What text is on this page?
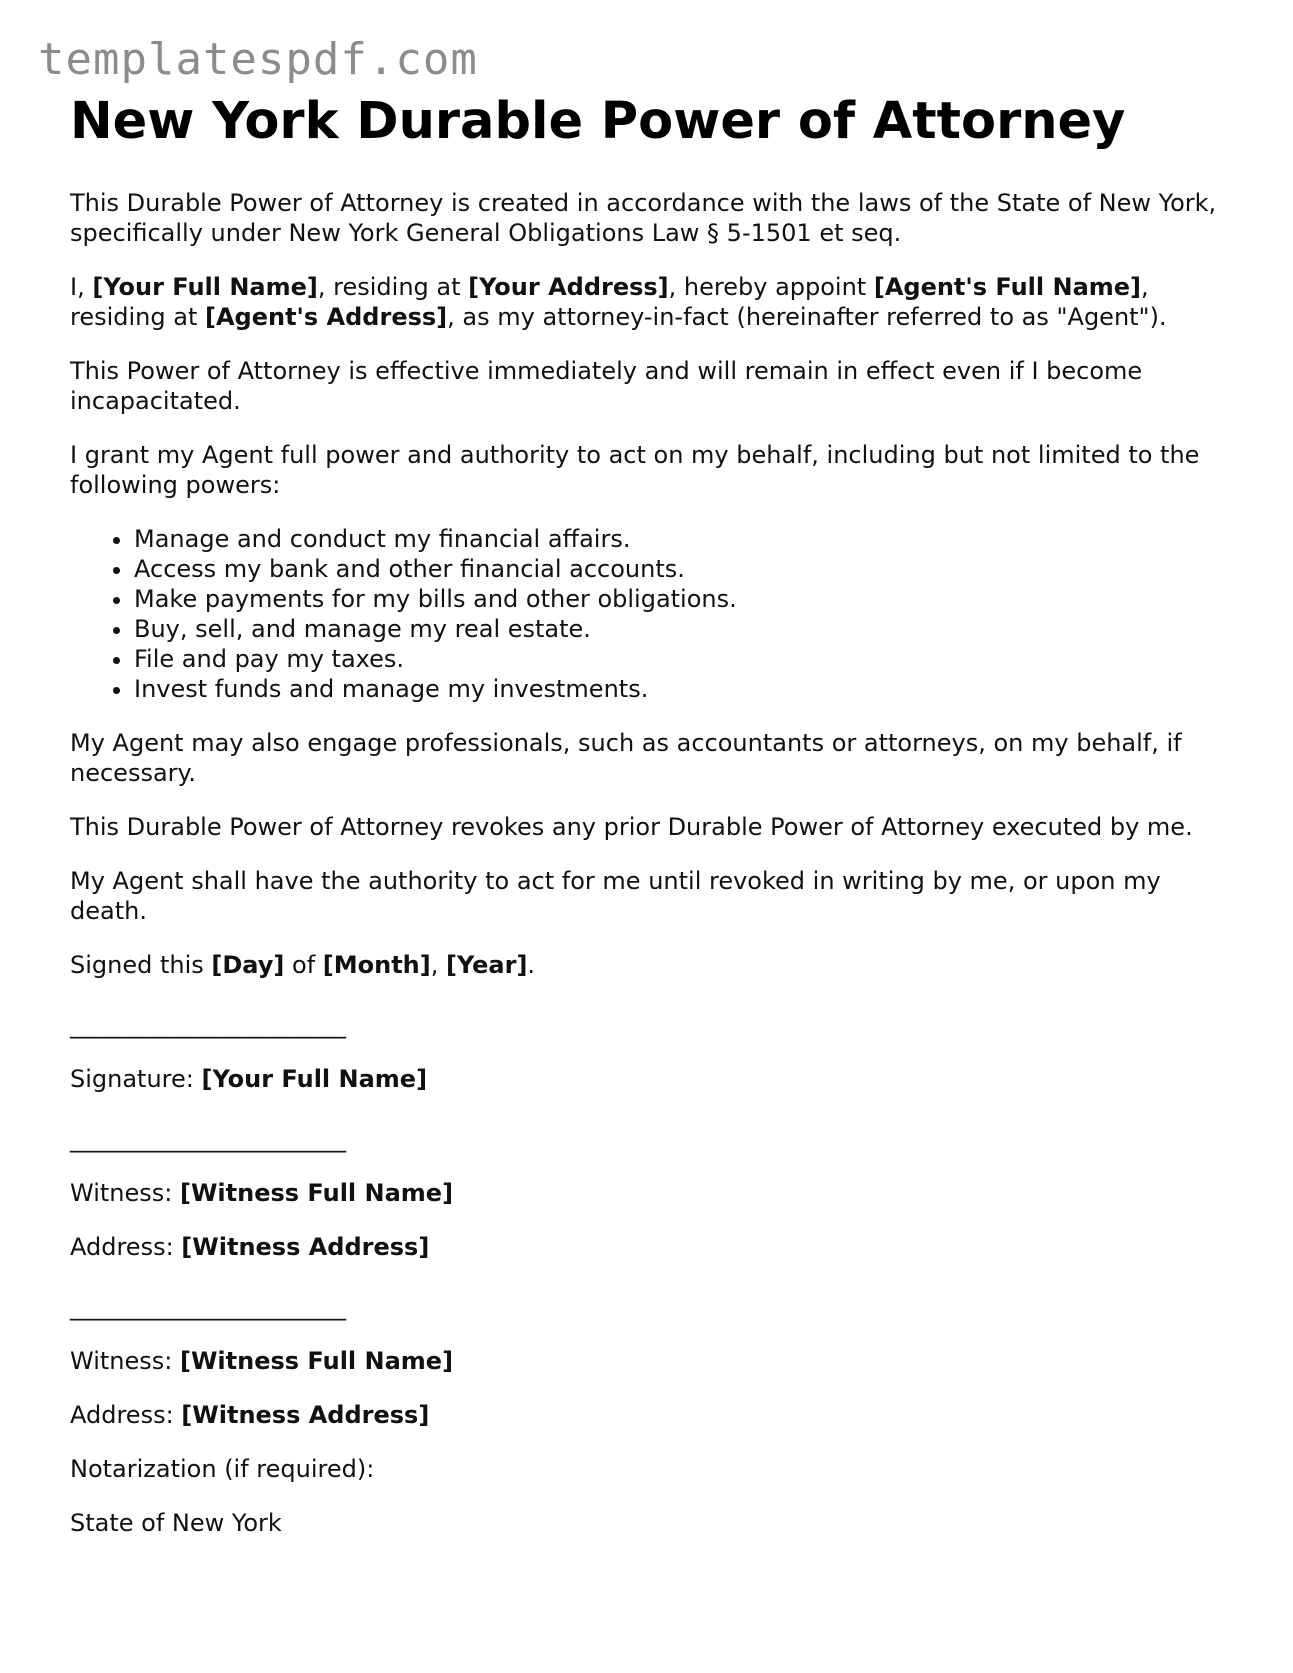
templatespdf.com
New York Durable Power of Attorney

This Durable Power of Attorney is created in accordance with the laws of the State of New York, specifically under New York General Obligations Law § 5-1501 et seq.

I, [Your Full Name], residing at [Your Address], hereby appoint [Agent's Full Name], residing at [Agent's Address], as my attorney-in-fact (hereinafter referred to as "Agent").

This Power of Attorney is effective immediately and will remain in effect even if I become incapacitated.

I grant my Agent full power and authority to act on my behalf, including but not limited to the following powers:

• Manage and conduct my financial affairs.
• Access my bank and other financial accounts.
• Make payments for my bills and other obligations.
• Buy, sell, and manage my real estate.
• File and pay my taxes.
• Invest funds and manage my investments.

My Agent may also engage professionals, such as accountants or attorneys, on my behalf, if necessary.

This Durable Power of Attorney revokes any prior Durable Power of Attorney executed by me.

My Agent shall have the authority to act for me until revoked in writing by me, or upon my death.

Signed this [Day] of [Month], [Year].

_______________________

Signature: [Your Full Name]

_______________________

Witness: [Witness Full Name]

Address: [Witness Address]

_______________________

Witness: [Witness Full Name]

Address: [Witness Address]

Notarization (if required):

State of New York
